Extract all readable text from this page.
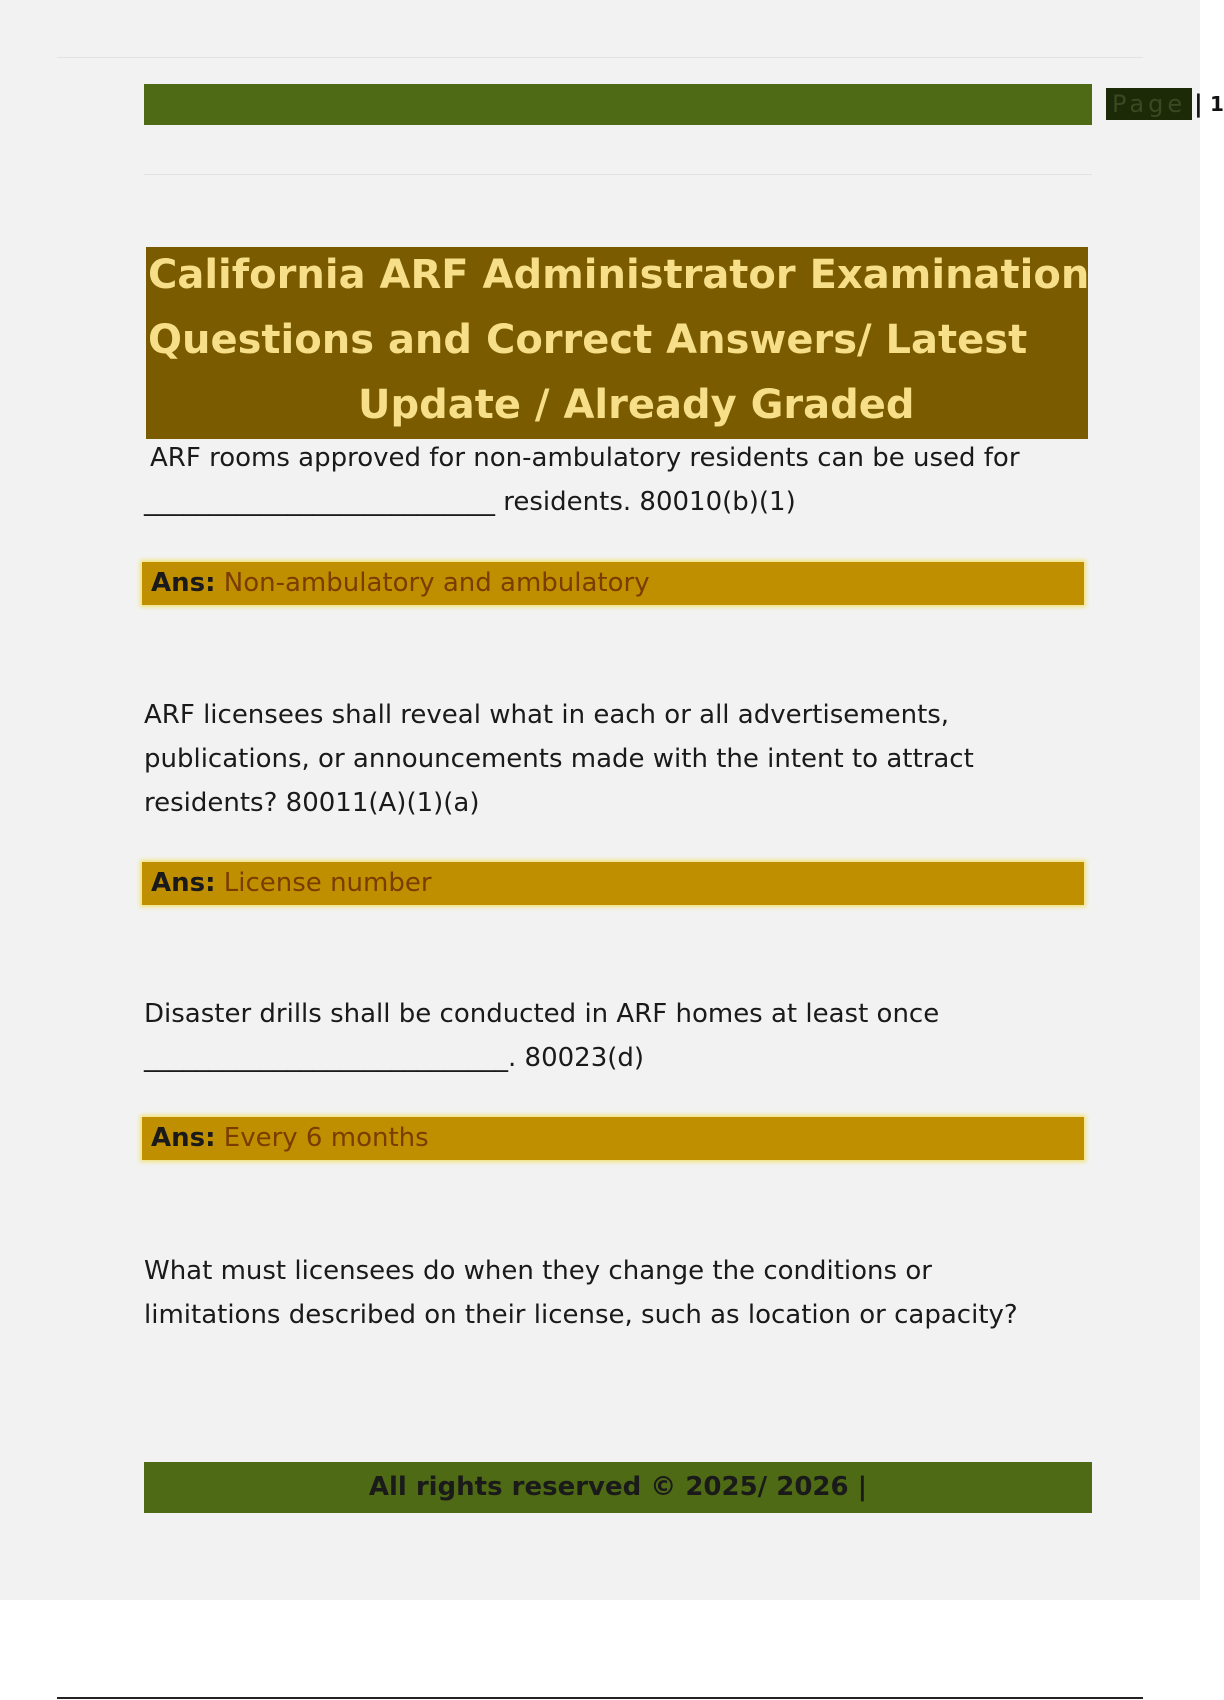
Page | 1
California ARF Administrator Examination
Questions and Correct Answers/ Latest
Update / Already Graded
ARF rooms approved for non-ambulatory residents can be used for
___________________________ residents. 80010(b)(1)
Ans: Non-ambulatory and ambulatory
ARF licensees shall reveal what in each or all advertisements,
publications, or announcements made with the intent to attract
residents? 80011(A)(1)(a)
Ans: License number
Disaster drills shall be conducted in ARF homes at least once
____________________________. 80023(d)
Ans: Every 6 months
What must licensees do when they change the conditions or
limitations described on their license, such as location or capacity?
All rights reserved © 2025/ 2026 |
